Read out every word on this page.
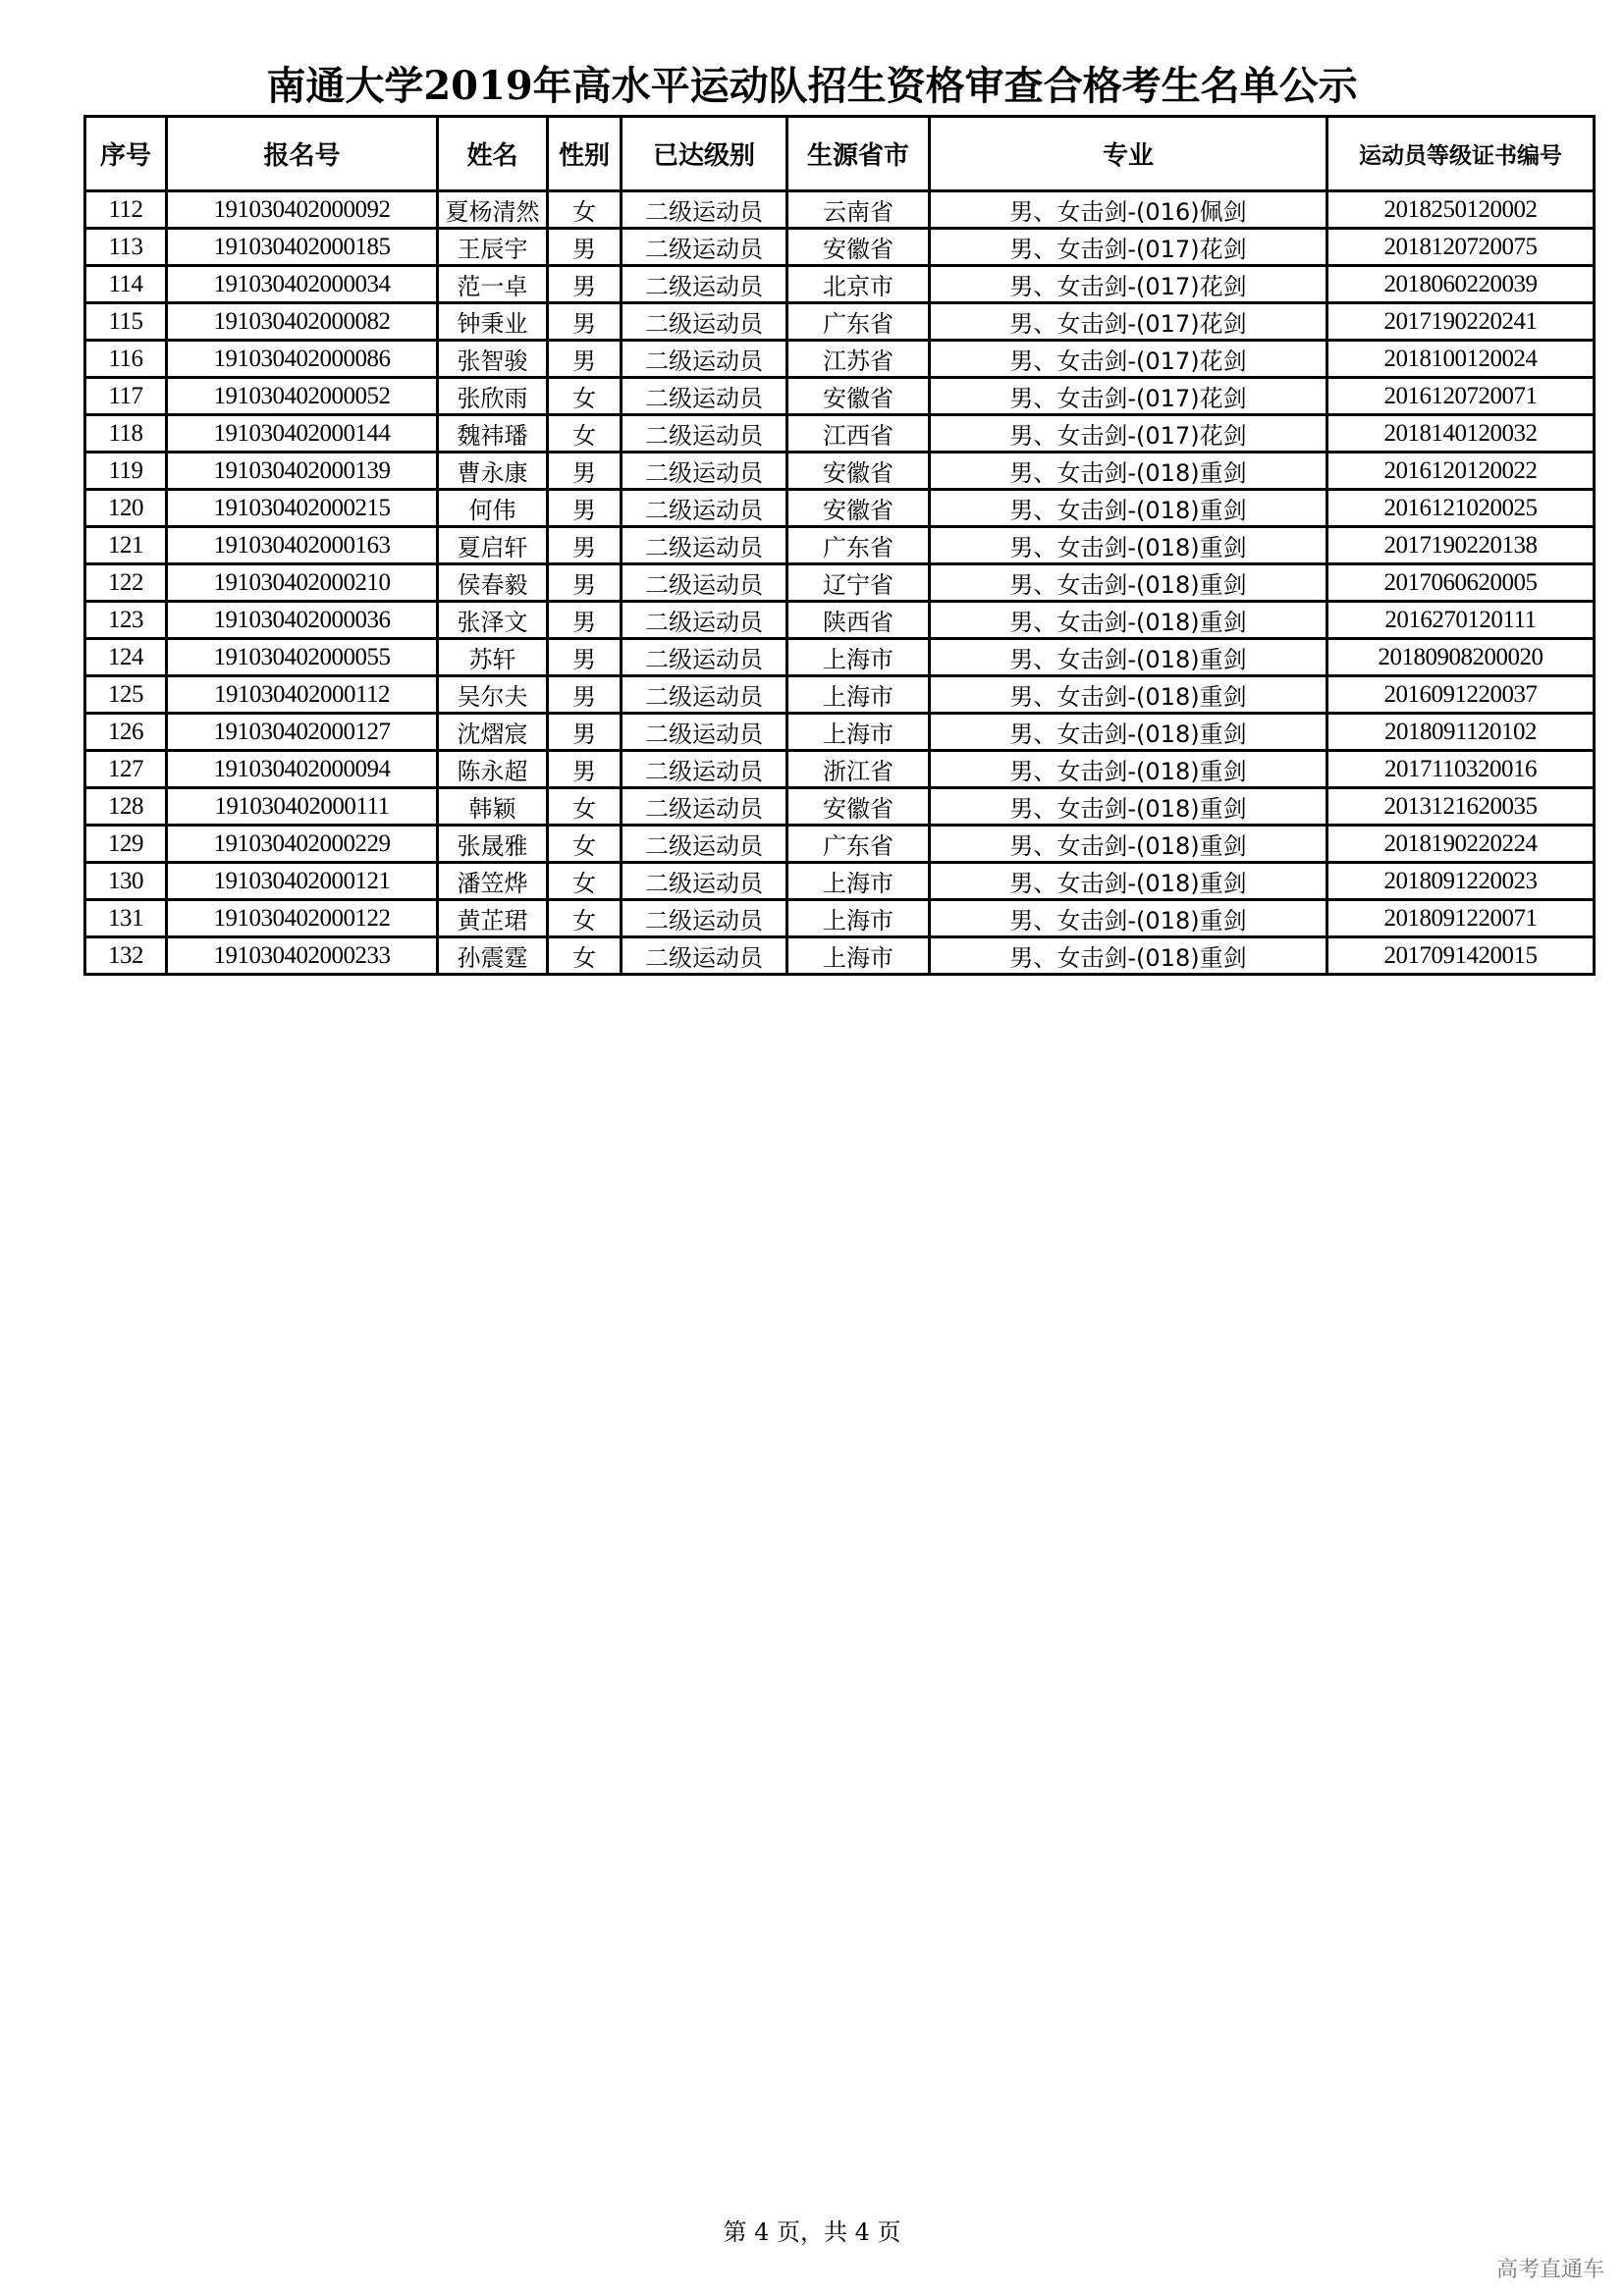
南通大学2019年高水平运动队招生资格审查合格考生名单公示
序号	报名号	姓名	性别	已达级别	生源省市	专业	运动员等级证书编号
112	191030402000092	夏杨清然	女	二级运动员	云南省	男、女击剑-(016)佩剑	2018250120002
113	191030402000185	王辰宇	男	二级运动员	安徽省	男、女击剑-(017)花剑	2018120720075
114	191030402000034	范一卓	男	二级运动员	北京市	男、女击剑-(017)花剑	2018060220039
115	191030402000082	钟秉业	男	二级运动员	广东省	男、女击剑-(017)花剑	2017190220241
116	191030402000086	张智骏	男	二级运动员	江苏省	男、女击剑-(017)花剑	2018100120024
117	191030402000052	张欣雨	女	二级运动员	安徽省	男、女击剑-(017)花剑	2016120720071
118	191030402000144	魏祎璠	女	二级运动员	江西省	男、女击剑-(017)花剑	2018140120032
119	191030402000139	曹永康	男	二级运动员	安徽省	男、女击剑-(018)重剑	2016120120022
120	191030402000215	何伟	男	二级运动员	安徽省	男、女击剑-(018)重剑	2016121020025
121	191030402000163	夏启轩	男	二级运动员	广东省	男、女击剑-(018)重剑	2017190220138
122	191030402000210	侯春毅	男	二级运动员	辽宁省	男、女击剑-(018)重剑	2017060620005
123	191030402000036	张泽文	男	二级运动员	陕西省	男、女击剑-(018)重剑	2016270120111
124	191030402000055	苏轩	男	二级运动员	上海市	男、女击剑-(018)重剑	20180908200020
125	191030402000112	吴尔夫	男	二级运动员	上海市	男、女击剑-(018)重剑	2016091220037
126	191030402000127	沈熠宸	男	二级运动员	上海市	男、女击剑-(018)重剑	2018091120102
127	191030402000094	陈永超	男	二级运动员	浙江省	男、女击剑-(018)重剑	2017110320016
128	191030402000111	韩颖	女	二级运动员	安徽省	男、女击剑-(018)重剑	2013121620035
129	191030402000229	张晟雅	女	二级运动员	广东省	男、女击剑-(018)重剑	2018190220224
130	191030402000121	潘笠烨	女	二级运动员	上海市	男、女击剑-(018)重剑	2018091220023
131	191030402000122	黄芷珺	女	二级运动员	上海市	男、女击剑-(018)重剑	2018091220071
132	191030402000233	孙震霆	女	二级运动员	上海市	男、女击剑-(018)重剑	2017091420015
第 4 页，共 4 页
高考直通车
